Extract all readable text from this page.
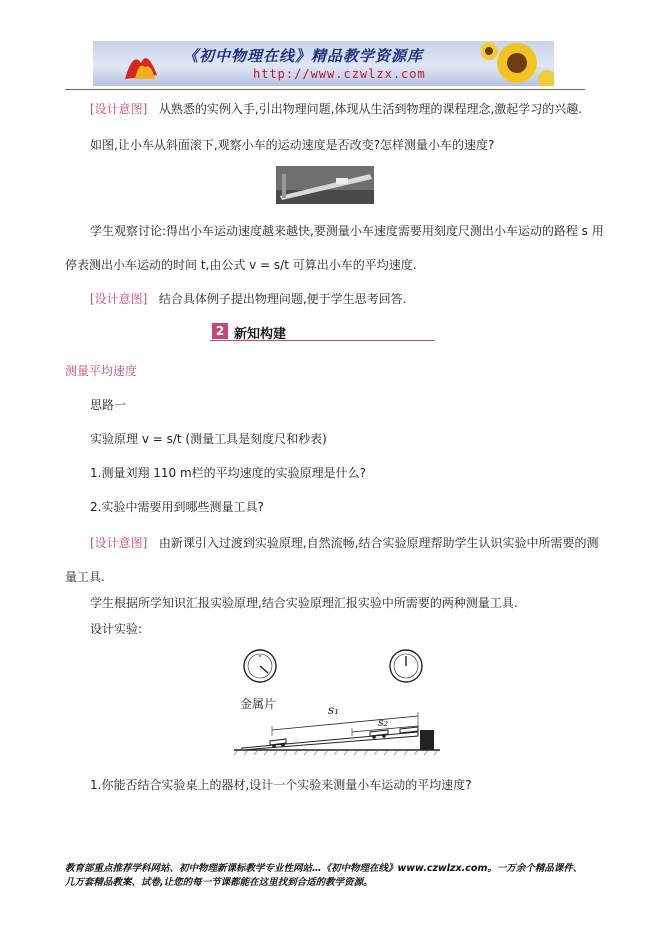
《初中物理在线》精品教学资源库
http://www.czwlzx.com
[设计意图] 从熟悉的实例入手,引出物理问题,体现从生活到物理的课程理念,激起学习的兴趣.
如图,让小车从斜面滚下,观察小车的运动速度是否改变?怎样测量小车的速度?
学生观察讨论:得出小车运动速度越来越快,要测量小车速度需要用刻度尺测出小车运动的路程 s 用
停表测出小车运动的时间 t,由公式 v = s/t 可算出小车的平均速度.
[设计意图] 结合具体例子提出物理问题,便于学生思考回答.
2 新知构建
测量平均速度
思路一
实验原理 v = s/t (测量工具是刻度尺和秒表)
1.测量刘翔 110 m栏的平均速度的实验原理是什么?
2.实验中需要用到哪些测量工具?
[设计意图] 由新课引入过渡到实验原理,自然流畅,结合实验原理帮助学生认识实验中所需要的测
量工具.
学生根据所学知识汇报实验原理,结合实验原理汇报实验中所需要的两种测量工具.
设计实验:
金属片	s₁
s₂
1.你能否结合实验桌上的器材,设计一个实验来测量小车运动的平均速度?
教育部重点推荐学科网站、初中物理新课标教学专业性网站…《初中物理在线》www.czwlzx.com。一万余个精品课件、
几万套精品教案、试卷,让您的每一节课都能在这里找到合适的教学资源。
